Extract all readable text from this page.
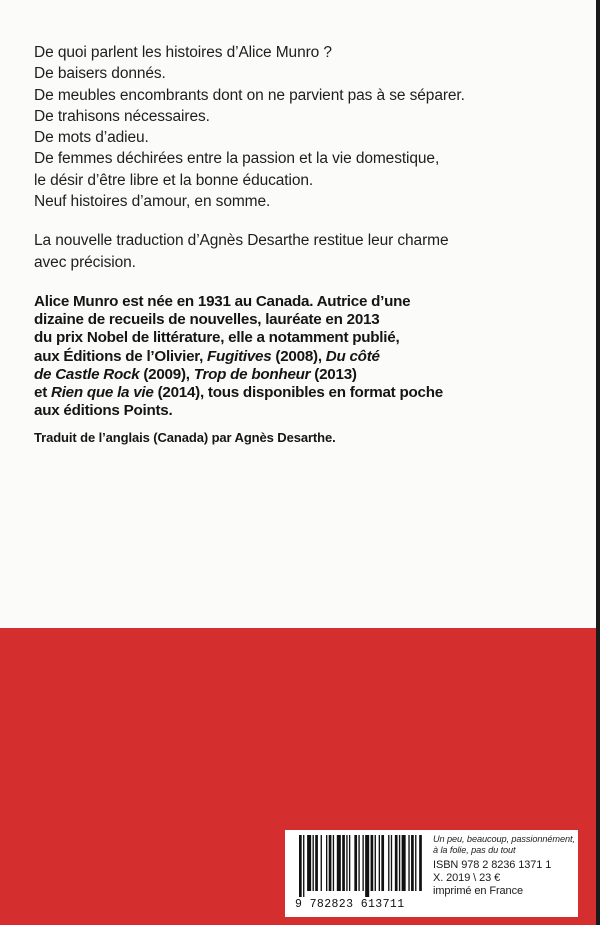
De quoi parlent les histoires d’Alice Munro ?
De baisers donnés.
De meubles encombrants dont on ne parvient pas à se séparer.
De trahisons nécessaires.
De mots d’adieu.
De femmes déchirées entre la passion et la vie domestique,
le désir d’être libre et la bonne éducation.
Neuf histoires d’amour, en somme.
La nouvelle traduction d’Agnès Desarthe restitue leur charme
avec précision.
Alice Munro est née en 1931 au Canada. Autrice d’une
dizaine de recueils de nouvelles, lauréate en 2013
du prix Nobel de littérature, elle a notamment publié,
aux Éditions de l’Olivier, Fugitives (2008), Du côté
de Castle Rock (2009), Trop de bonheur (2013)
et Rien que la vie (2014), tous disponibles en format poche
aux éditions Points.
Traduit de l’anglais (Canada) par Agnès Desarthe.
9 782823 613711
Un peu, beaucoup, passionnément, à la folie, pas du tout
ISBN 978 2 8236 1371 1
X. 2019 \ 23 €
imprimé en France
